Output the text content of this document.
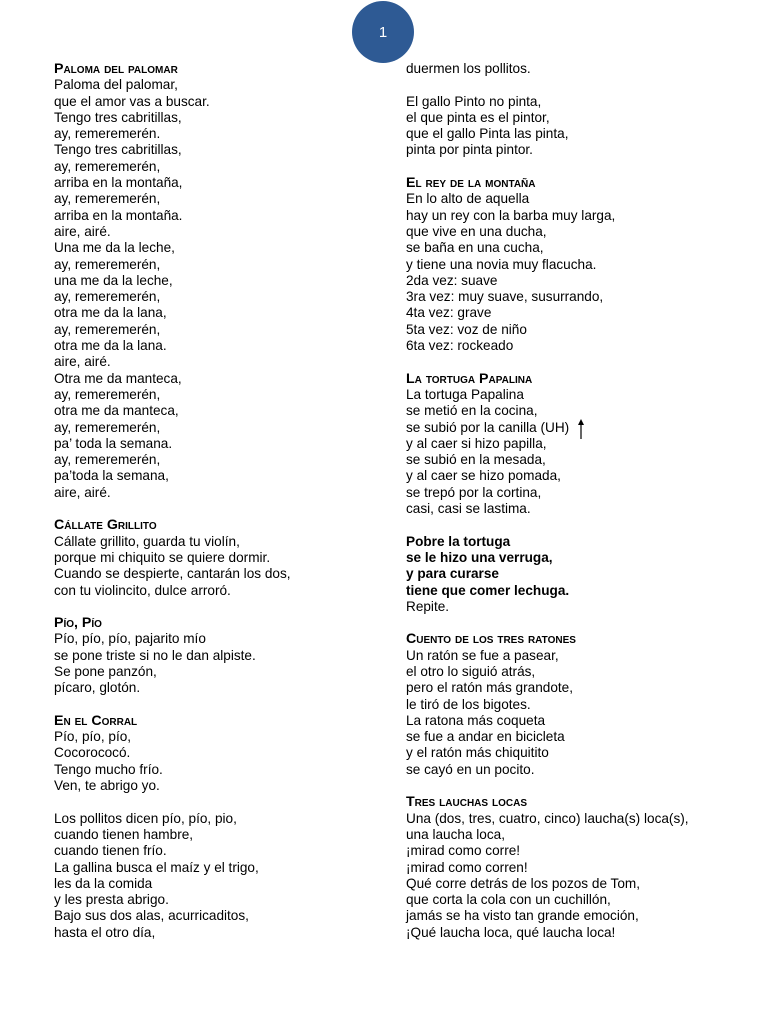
1
Paloma del palomar
Paloma del palomar,
que el amor vas a buscar.
Tengo tres cabritillas,
ay, remeremerén.
Tengo tres cabritillas,
ay, remeremerén,
arriba en la montaña,
ay, remeremerén,
arriba en la montaña.
aire, airé.
Una me da la leche,
ay, remeremerén,
una me da la leche,
ay, remeremerén,
otra me da la lana,
ay, remeremerén,
otra me da la lana.
aire, airé.
Otra me da manteca,
ay, remeremerén,
otra me da manteca,
ay, remeremerén,
pa’ toda la semana.
ay, remeremerén,
pa’toda la semana,
aire, airé.
Cállate Grillito
Cállate grillito, guarda tu violín,
porque mi chiquito se quiere dormir.
Cuando se despierte, cantarán los dos,
con tu violincito, dulce arroró.
Pío, Pío
Pío, pío, pío, pajarito mío
se pone triste si no le dan alpiste.
Se pone panzón,
pícaro, glotón.
En el Corral
Pío, pío, pío,
Cocorococó.
Tengo mucho frío.
Ven, te abrigo yo.
Los pollitos dicen pío, pío, pio,
cuando tienen hambre,
cuando tienen frío.
La gallina busca el maíz y el trigo,
les da la comida
y les presta abrigo.
Bajo sus dos alas, acurricaditos,
hasta el otro día,
duermen los pollitos.
El gallo Pinto no pinta,
el que pinta es el pintor,
que el gallo Pinta las pinta,
pinta por pinta pintor.
El rey de la montaña
En lo alto de aquella
hay un rey con la barba muy larga,
que vive en una ducha,
se baña en una cucha,
y tiene una novia muy flacucha.
2da vez: suave
3ra vez: muy suave, susurrando,
4ta vez: grave
5ta vez: voz de niño
6ta vez: rockeado
La tortuga Papalina
La tortuga Papalina
se metió en la cocina,
se subió por la canilla (UH)
y al caer si hizo papilla,
se subió en la mesada,
y al caer se hizo pomada,
se trepó por la cortina,
casi, casi se lastima.
Pobre la tortuga
se le hizo una verruga,
y para curarse
tiene que comer lechuga.
Repite.
Cuento de los tres ratones
Un ratón se fue a pasear,
el otro lo siguió atrás,
pero el ratón más grandote,
le tiró de los bigotes.
La ratona más coqueta
se fue a andar en bicicleta
y el ratón más chiquitito
se cayó en un pocito.
Tres lauchas locas
Una (dos, tres, cuatro, cinco) laucha(s) loca(s),
una laucha loca,
¡mirad como corre!
¡mirad como corren!
Qué corre detrás de los pozos de Tom,
que corta la cola con un cuchillón,
jamás se ha visto tan grande emoción,
¡Qué laucha loca, qué laucha loca!
